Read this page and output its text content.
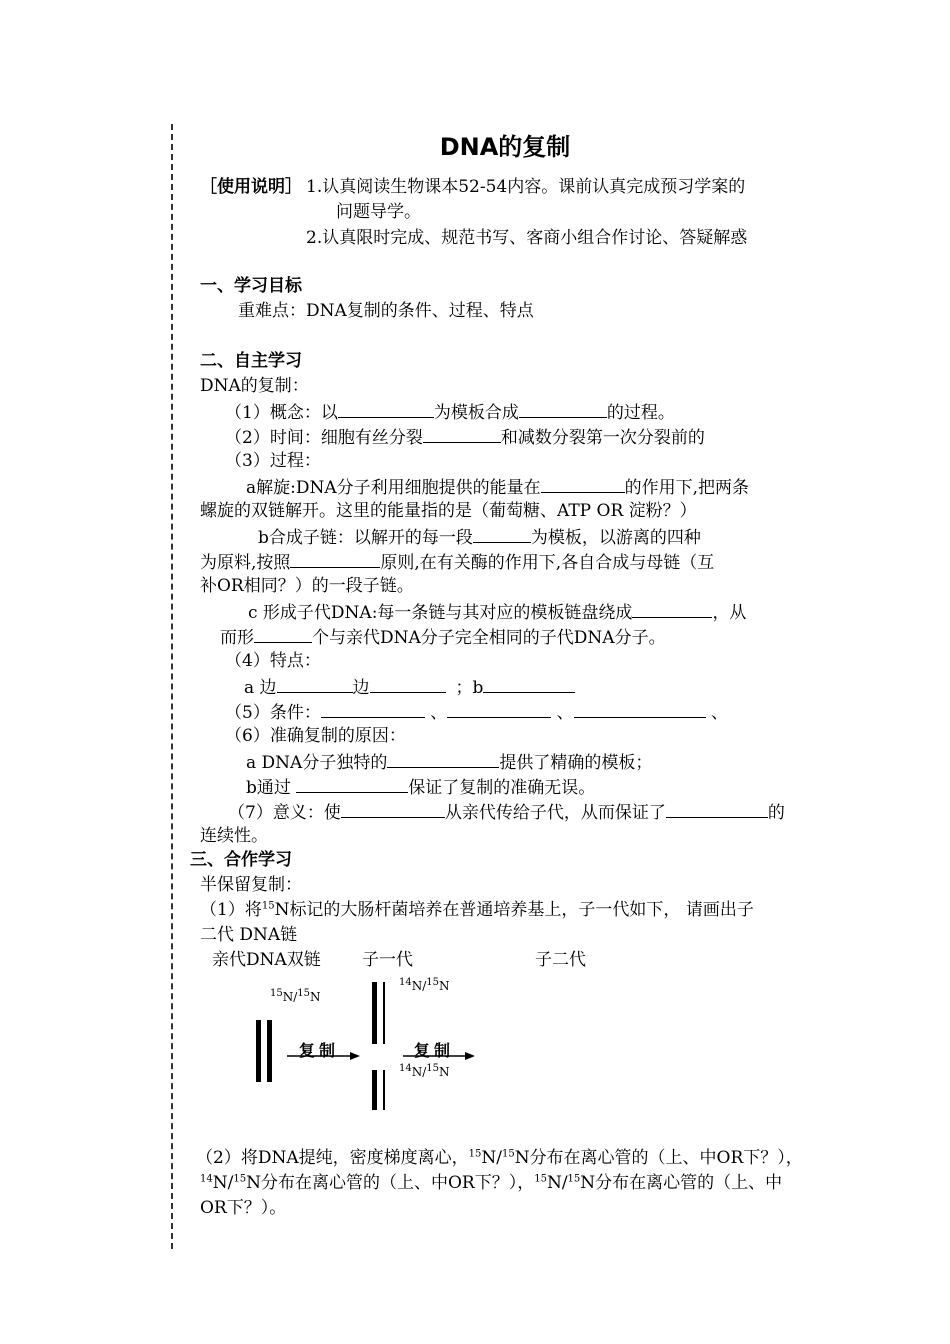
DNA的复制
［使用说明］ 1.认真阅读生物课本52-54内容。课前认真完成预习学案的
问题导学。
2.认真限时完成、规范书写、客商小组合作讨论、答疑解惑
一、学习目标
重难点：DNA复制的条件、过程、特点
二、自主学习
DNA的复制：
（1）概念：以	为模板合成	的过程。
（2）时间：细胞有丝分裂	和减数分裂第一次分裂前的
（3）过程：
a解旋:DNA分子利用细胞提供的能量在	的作用下,把两条
螺旋的双链解开。这里的能量指的是（葡萄糖、ATP OR 淀粉？）
b合成子链：以解开的每一段	为模板，以游离的四种
为原料,按照	原则,在有关酶的作用下,各自合成与母链（互
补OR相同？）的一段子链。
c 形成子代DNA:每一条链与其对应的模板链盘绕成	，从
而形	个与亲代DNA分子完全相同的子代DNA分子。
（4）特点：
a 边	边	；b
（5）条件：	、	、	、
（6）准确复制的原因：
a DNA分子独特的	提供了精确的模板；
b通过	保证了复制的准确无误。
（7）意义：使	从亲代传给子代，从而保证了	的
连续性。
三、合作学习
半保留复制：
（1）将$^{15}$N标记的大肠杆菌培养在普通培养基上，子一代如下， 请画出子
二代 DNA链
亲代DNA双链 子一代	子二代
$^{15}$N/$^{15}$N
$^{14}$N/$^{15}$N
$^{14}$N/$^{15}$N
复制	复制
（2）将DNA提纯，密度梯度离心，$^{15}$N/$^{15}$N分布在离心管的（上、中OR下？），
$^{14}$N/$^{15}$N分布在离心管的（上、中OR下？），$^{15}$N/$^{15}$N分布在离心管的（上、中
OR下？）。
